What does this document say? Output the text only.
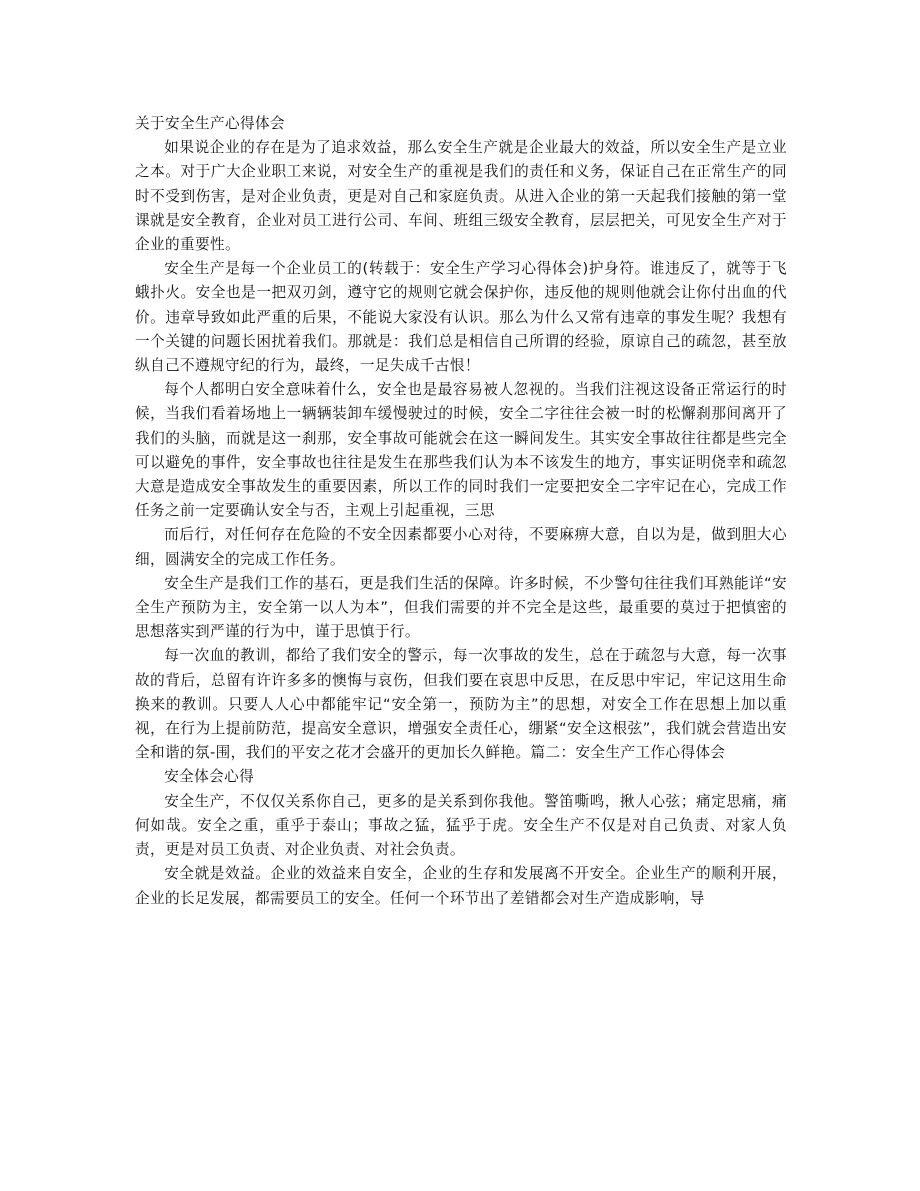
关于安全生产心得体会

如果说企业的存在是为了追求效益，那么安全生产就是企业最大的效益，所以安全生产是立业之本。对于广大企业职工来说，对安全生产的重视是我们的责任和义务，保证自己在正常生产的同时不受到伤害，是对企业负责，更是对自己和家庭负责。从进入企业的第一天起我们接触的第一堂课就是安全教育，企业对员工进行公司、车间、班组三级安全教育，层层把关，可见安全生产对于企业的重要性。

安全生产是每一个企业员工的(转载于：安全生产学习心得体会)护身符。谁违反了，就等于飞蛾扑火。安全也是一把双刃剑，遵守它的规则它就会保护你，违反他的规则他就会让你付出血的代价。违章导致如此严重的后果，不能说大家没有认识。那么为什么又常有违章的事发生呢？我想有一个关键的问题长困扰着我们。那就是：我们总是相信自己所谓的经验，原谅自己的疏忽，甚至放纵自己不遵规守纪的行为，最终，一足失成千古恨！

每个人都明白安全意味着什么，安全也是最容易被人忽视的。当我们注视这设备正常运行的时候，当我们看着场地上一辆辆装卸车缓慢驶过的时候，安全二字往往会被一时的松懈刹那间离开了我们的头脑，而就是这一刹那，安全事故可能就会在这一瞬间发生。其实安全事故往往都是些完全可以避免的事件，安全事故也往往是发生在那些我们认为本不该发生的地方，事实证明侥幸和疏忽大意是造成安全事故发生的重要因素，所以工作的同时我们一定要把安全二字牢记在心，完成工作任务之前一定要确认安全与否，主观上引起重视，三思

而后行，对任何存在危险的不安全因素都要小心对待，不要麻痹大意，自以为是，做到胆大心细，圆满安全的完成工作任务。

安全生产是我们工作的基石，更是我们生活的保障。许多时候，不少警句往往我们耳熟能详“安全生产预防为主，安全第一以人为本”，但我们需要的并不完全是这些，最重要的莫过于把慎密的思想落实到严谨的行为中，谨于思慎于行。

每一次血的教训，都给了我们安全的警示，每一次事故的发生，总在于疏忽与大意，每一次事故的背后，总留有许许多多的懊悔与哀伤，但我们要在哀思中反思，在反思中牢记，牢记这用生命换来的教训。只要人人心中都能牢记“安全第一，预防为主”的思想，对安全工作在思想上加以重视，在行为上提前防范，提高安全意识，增强安全责任心，绷紧“安全这根弦”，我们就会营造出安全和谐的氛-围，我们的平安之花才会盛开的更加长久鲜艳。篇二：安全生产工作心得体会

安全体会心得

安全生产，不仅仅关系你自己，更多的是关系到你我他。警笛嘶鸣，揪人心弦；痛定思痛，痛何如哉。安全之重，重乎于泰山；事故之猛，猛乎于虎。安全生产不仅是对自己负责、对家人负责，更是对员工负责、对企业负责、对社会负责。

安全就是效益。企业的效益来自安全，企业的生存和发展离不开安全。企业生产的顺利开展，企业的长足发展，都需要员工的安全。任何一个环节出了差错都会对生产造成影响，导
